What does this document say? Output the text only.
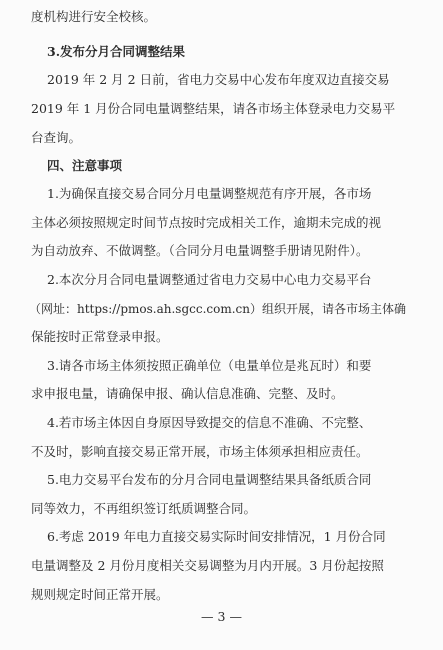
度机构进行安全校核。
3.发布分月合同调整结果
2019 年 2 月 2 日前，省电力交易中心发布年度双边直接交易
2019 年 1 月份合同电量调整结果，请各市场主体登录电力交易平
台查询。
四、注意事项
1.为确保直接交易合同分月电量调整规范有序开展，各市场
主体必须按照规定时间节点按时完成相关工作，逾期未完成的视
为自动放弃、不做调整。（合同分月电量调整手册请见附件）。
2.本次分月合同电量调整通过省电力交易中心电力交易平台
（网址：https://pmos.ah.sgcc.com.cn）组织开展，请各市场主体确
保能按时正常登录申报。
3.请各市场主体须按照正确单位（电量单位是兆瓦时）和要
求申报电量，请确保申报、确认信息准确、完整、及时。
4.若市场主体因自身原因导致提交的信息不准确、不完整、
不及时，影响直接交易正常开展，市场主体须承担相应责任。
5.电力交易平台发布的分月合同电量调整结果具备纸质合同
同等效力，不再组织签订纸质调整合同。
6.考虑 2019 年电力直接交易实际时间安排情况，1 月份合同
电量调整及 2 月份月度相关交易调整为月内开展。3 月份起按照
规则规定时间正常开展。
— 3 —
